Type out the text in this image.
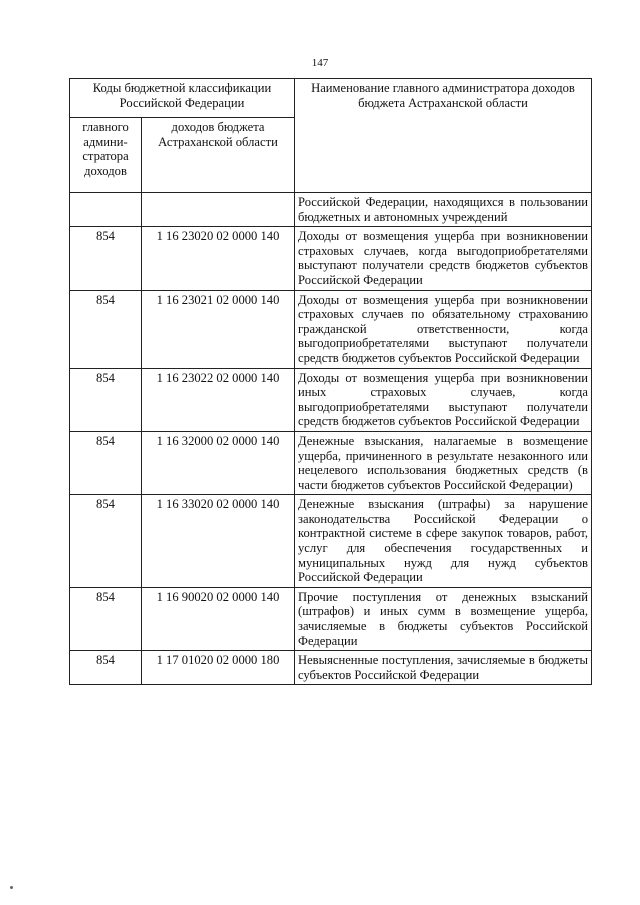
147
Коды бюджетной классификации Российской Федерации		Наименование главного администратора доходов бюджета Астраханской области
главного админи-стратора доходов	доходов бюджета Астраханской области	
		Российской Федерации, находящихся в пользовании бюджетных и автономных учреждений
854	1 16 23020 02 0000 140	Доходы от возмещения ущерба при возникновении страховых случаев, когда выгодоприобретателями выступают получатели средств бюджетов субъектов Российской Федерации
854	1 16 23021 02 0000 140	Доходы от возмещения ущерба при возникновении страховых случаев по обязательному страхованию гражданской ответственности, когда выгодоприобретателями выступают получатели средств бюджетов субъектов Российской Федерации
854	1 16 23022 02 0000 140	Доходы от возмещения ущерба при возникновении иных страховых случаев, когда выгодоприобретателями выступают получатели средств бюджетов субъектов Российской Федерации
854	1 16 32000 02 0000 140	Денежные взыскания, налагаемые в возмещение ущерба, причиненного в результате незаконного или нецелевого использования бюджетных средств (в части бюджетов субъектов Российской Федерации)
854	1 16 33020 02 0000 140	Денежные взыскания (штрафы) за нарушение законодательства Российской Федерации о контрактной системе в сфере закупок товаров, работ, услуг для обеспечения государственных и муниципальных нужд для нужд субъектов Российской Федерации
854	1 16 90020 02 0000 140	Прочие поступления от денежных взысканий (штрафов) и иных сумм в возмещение ущерба, зачисляемые в бюджеты субъектов Российской Федерации
854	1 17 01020 02 0000 180	Невыясненные поступления, зачисляемые в бюджеты субъектов Российской Федерации
